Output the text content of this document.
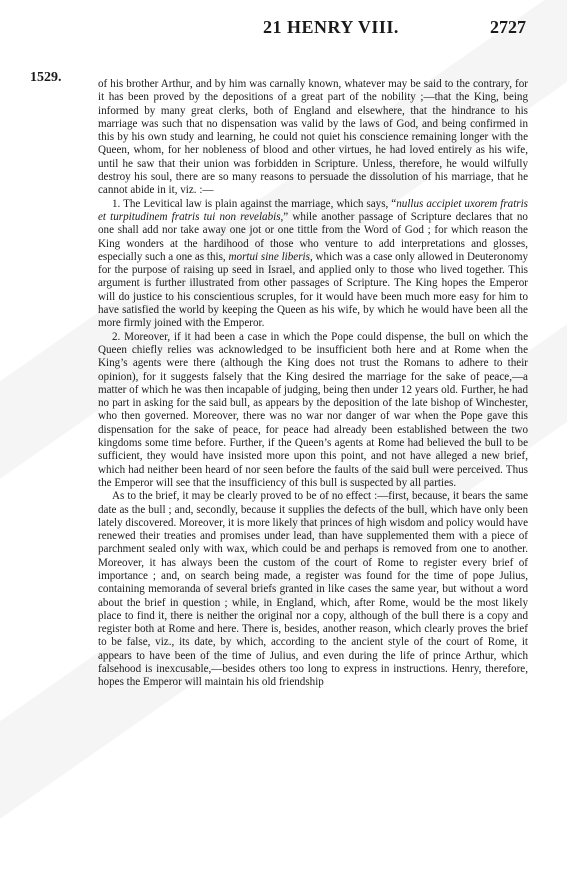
21 HENRY VIII.	2727
1529.	of his brother Arthur, and by him was carnally known, whatever may be said to the contrary, for it has been proved by the depositions of a great part of the nobility ;—that the King, being informed by many great clerks, both of England and elsewhere, that the hindrance to his marriage was such that no dispensation was valid by the laws of God, and being confirmed in this by his own study and learning, he could not quiet his conscience remaining longer with the Queen, whom, for her nobleness of blood and other virtues, he had loved entirely as his wife, until he saw that their union was forbidden in Scripture. Unless, therefore, he would wilfully destroy his soul, there are so many reasons to persuade the dissolution of his marriage, that he cannot abide in it, viz. :—

1. The Levitical law is plain against the marriage, which says, “nullus accipiet uxorem fratris et turpitudinem fratris tui non revelabis,” while another passage of Scripture declares that no one shall add nor take away one jot or one tittle from the Word of God ; for which reason the King wonders at the hardihood of those who venture to add interpretations and glosses, especially such a one as this, mortui sine liberis, which was a case only allowed in Deuteronomy for the purpose of raising up seed in Israel, and applied only to those who lived together. This argument is further illustrated from other passages of Scripture. The King hopes the Emperor will do justice to his conscientious scruples, for it would have been much more easy for him to have satisfied the world by keeping the Queen as his wife, by which he would have been all the more firmly joined with the Emperor.

2. Moreover, if it had been a case in which the Pope could dispense, the bull on which the Queen chiefly relies was acknowledged to be insufficient both here and at Rome when the King’s agents were there (although the King does not trust the Romans to adhere to their opinion), for it suggests falsely that the King desired the marriage for the sake of peace,—a matter of which he was then incapable of judging, being then under 12 years old. Further, he had no part in asking for the said bull, as appears by the deposition of the late bishop of Winchester, who then governed. Moreover, there was no war nor danger of war when the Pope gave this dispensation for the sake of peace, for peace had already been established between the two kingdoms some time before. Further, if the Queen’s agents at Rome had believed the bull to be sufficient, they would have insisted more upon this point, and not have alleged a new brief, which had neither been heard of nor seen before the faults of the said bull were perceived. Thus the Emperor will see that the insufficiency of this bull is suspected by all parties.

As to the brief, it may be clearly proved to be of no effect :—first, because, it bears the same date as the bull ; and, secondly, because it supplies the defects of the bull, which have only been lately discovered. Moreover, it is more likely that princes of high wisdom and policy would have renewed their treaties and promises under lead, than have supplemented them with a piece of parchment sealed only with wax, which could be and perhaps is removed from one to another. Moreover, it has always been the custom of the court of Rome to register every brief of importance ; and, on search being made, a register was found for the time of pope Julius, containing memoranda of several briefs granted in like cases the same year, but without a word about the brief in question ; while, in England, which, after Rome, would be the most likely place to find it, there is neither the original nor a copy, although of the bull there is a copy and register both at Rome and here. There is, besides, another reason, which clearly proves the brief to be false, viz., its date, by which, according to the ancient style of the court of Rome, it appears to have been of the time of Julius, and even during the life of prince Arthur, which falsehood is inexcusable,—besides others too long to express in instructions. Henry, therefore, hopes the Emperor will maintain his old friendship
